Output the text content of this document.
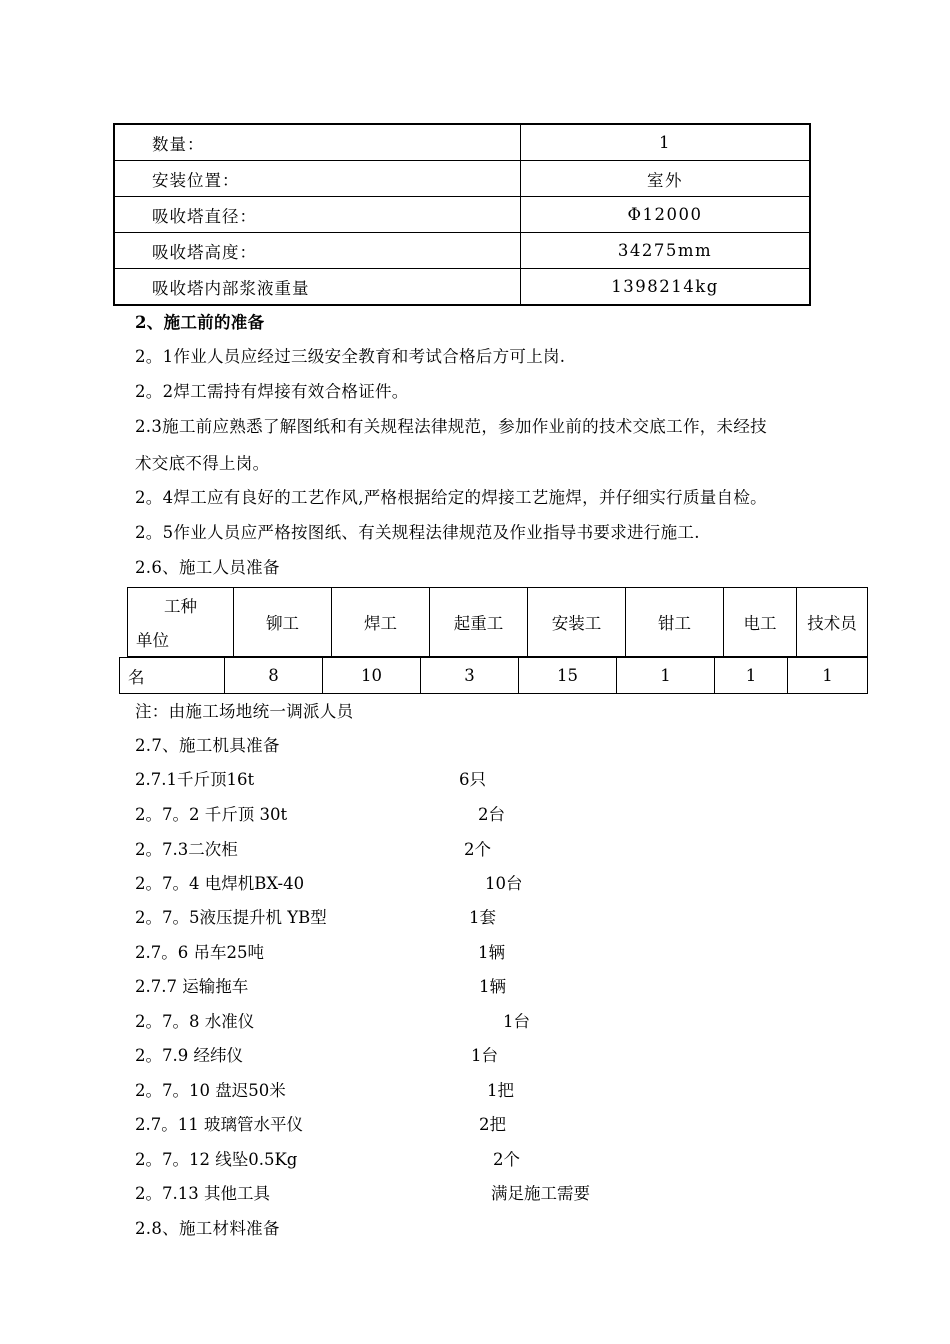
数量：	1
安装位置：	室外
吸收塔直径：	Φ12000
吸收塔高度：	34275mm
吸收塔内部浆液重量	1398214kg
2、施工前的准备
2。1作业人员应经过三级安全教育和考试合格后方可上岗.
2。2焊工需持有焊接有效合格证件。
2.3施工前应熟悉了解图纸和有关规程法律规范，参加作业前的技术交底工作，未经技
术交底不得上岗。
2。4焊工应有良好的工艺作风,严格根据给定的焊接工艺施焊，并仔细实行质量自检。
2。5作业人员应严格按图纸、有关规程法律规范及作业指导书要求进行施工.
2.6、施工人员准备
工种
单位
	铆工	焊工	起重工	安装工	钳工	电工	技术员
名	8	10	3	15	1	1	1
注：由施工场地统一调派人员
2.7、施工机具准备
2.7.1千斤顶16t	6只
2。7。2 千斤顶 30t	2台
2。7.3二次柜	2个
2。7。4 电焊机BX-40	10台
2。7。5液压提升机 YB型	1套
2.7。6 吊车25吨	1辆
2.7.7 运输拖车	1辆
2。7。8 水准仪	1台
2。7.9 经纬仪	1台
2。7。10 盘迟50米	1把
2.7。11 玻璃管水平仪	2把
2。7。12 线坠0.5Kg	2个
2。7.13 其他工具	满足施工需要
2.8、施工材料准备
